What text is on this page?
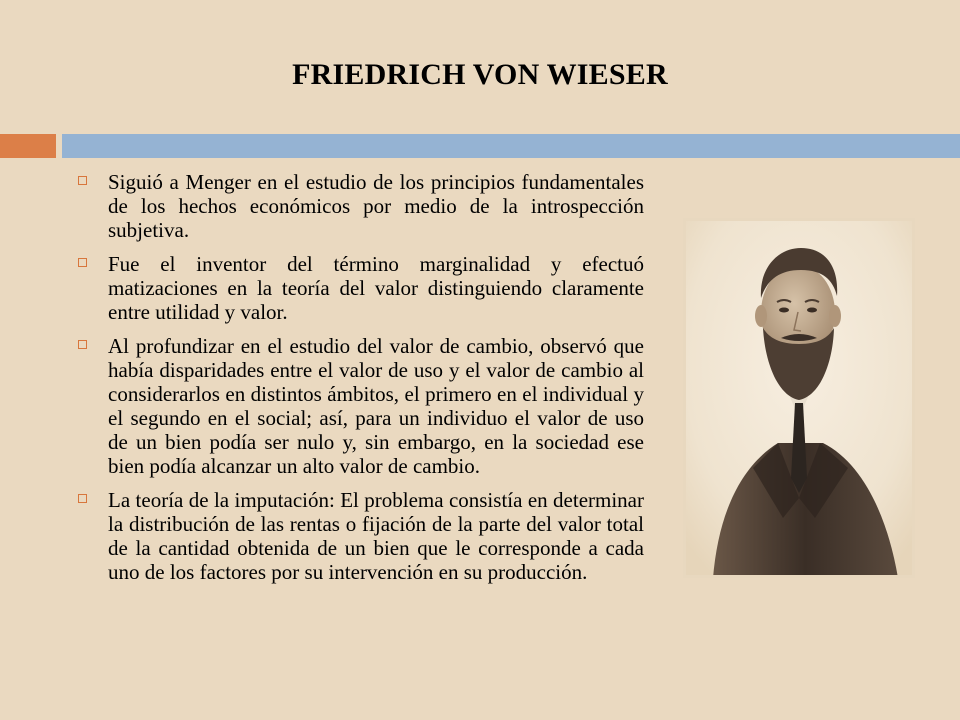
FRIEDRICH VON WIESER
Siguió a Menger en el estudio de los principios fundamentales de los hechos económicos por medio de la introspección subjetiva.
Fue el inventor del término marginalidad y efectuó matizaciones en la teoría del valor distinguiendo claramente entre utilidad y valor.
Al profundizar en el estudio del valor de cambio, observó que había disparidades entre el valor de uso y el valor de cambio al considerarlos en distintos ámbitos, el primero en el individual y el segundo en el social; así, para un individuo el valor de uso de un bien podía ser nulo y, sin embargo, en la sociedad ese bien podía alcanzar un alto valor de cambio.
La teoría de la imputación: El problema consistía en determinar la distribución de las rentas o fijación de la parte del valor total de la cantidad obtenida de un bien que le corresponde a cada uno de los factores por su intervención en su producción.
